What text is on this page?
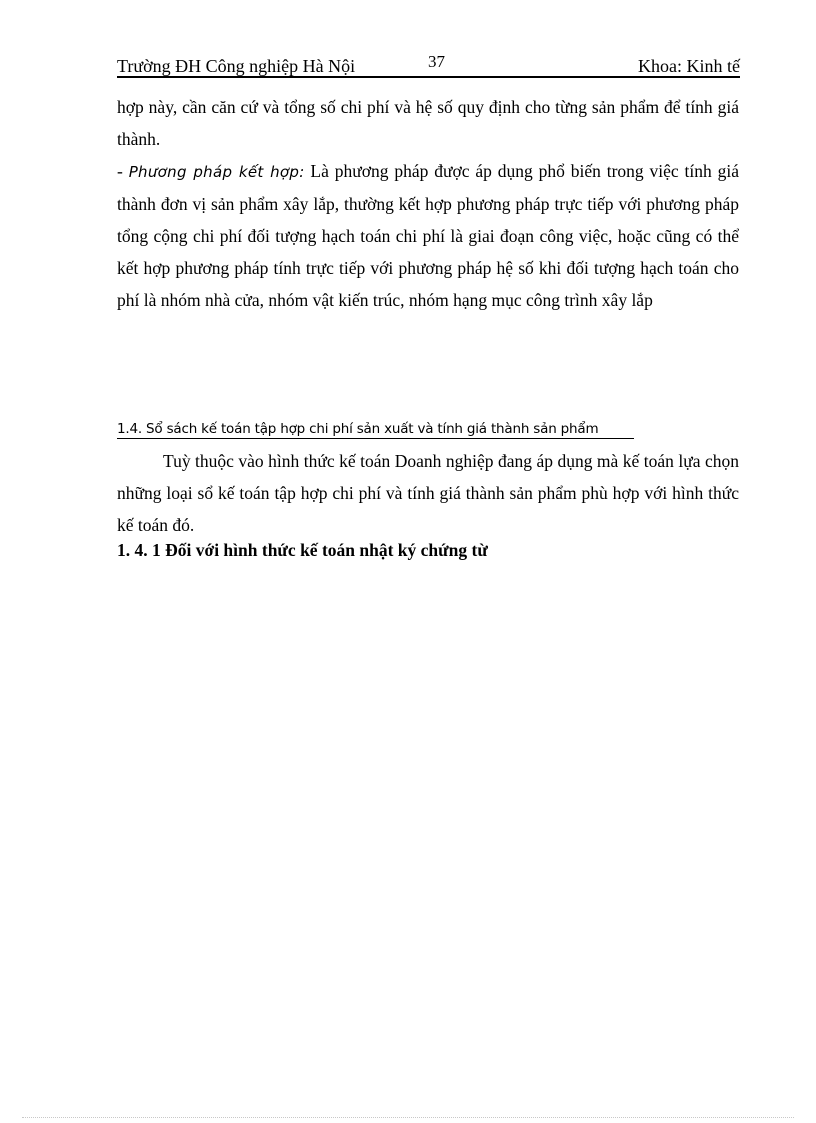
Trường ĐH Công nghiệp Hà Nội	37	Khoa: Kinh tế

hợp này, cần căn cứ và tổng số chi phí và hệ số quy định cho từng sản phẩm để tính giá thành.

- Phương pháp kết hợp: Là phương pháp được áp dụng phổ biến trong việc tính giá thành đơn vị sản phẩm xây lắp, thường kết hợp phương pháp trực tiếp với phương pháp tổng cộng chi phí đối tượng hạch toán chi phí là giai đoạn công việc, hoặc cũng có thể kết hợp phương pháp tính trực tiếp với phương pháp hệ số khi đối tượng hạch toán cho phí là nhóm nhà cửa, nhóm vật kiến trúc, nhóm hạng mục công trình xây lắp

1.4. Sổ sách kế toán tập hợp chi phí sản xuất và tính giá thành sản phẩm

Tuỳ thuộc vào hình thức kế toán Doanh nghiệp đang áp dụng mà kế toán lựa chọn những loại sổ kế toán tập hợp chi phí và tính giá thành sản phẩm phù hợp với hình thức kế toán đó.

1. 4. 1 Đối với hình thức kế toán nhật ký chứng từ
